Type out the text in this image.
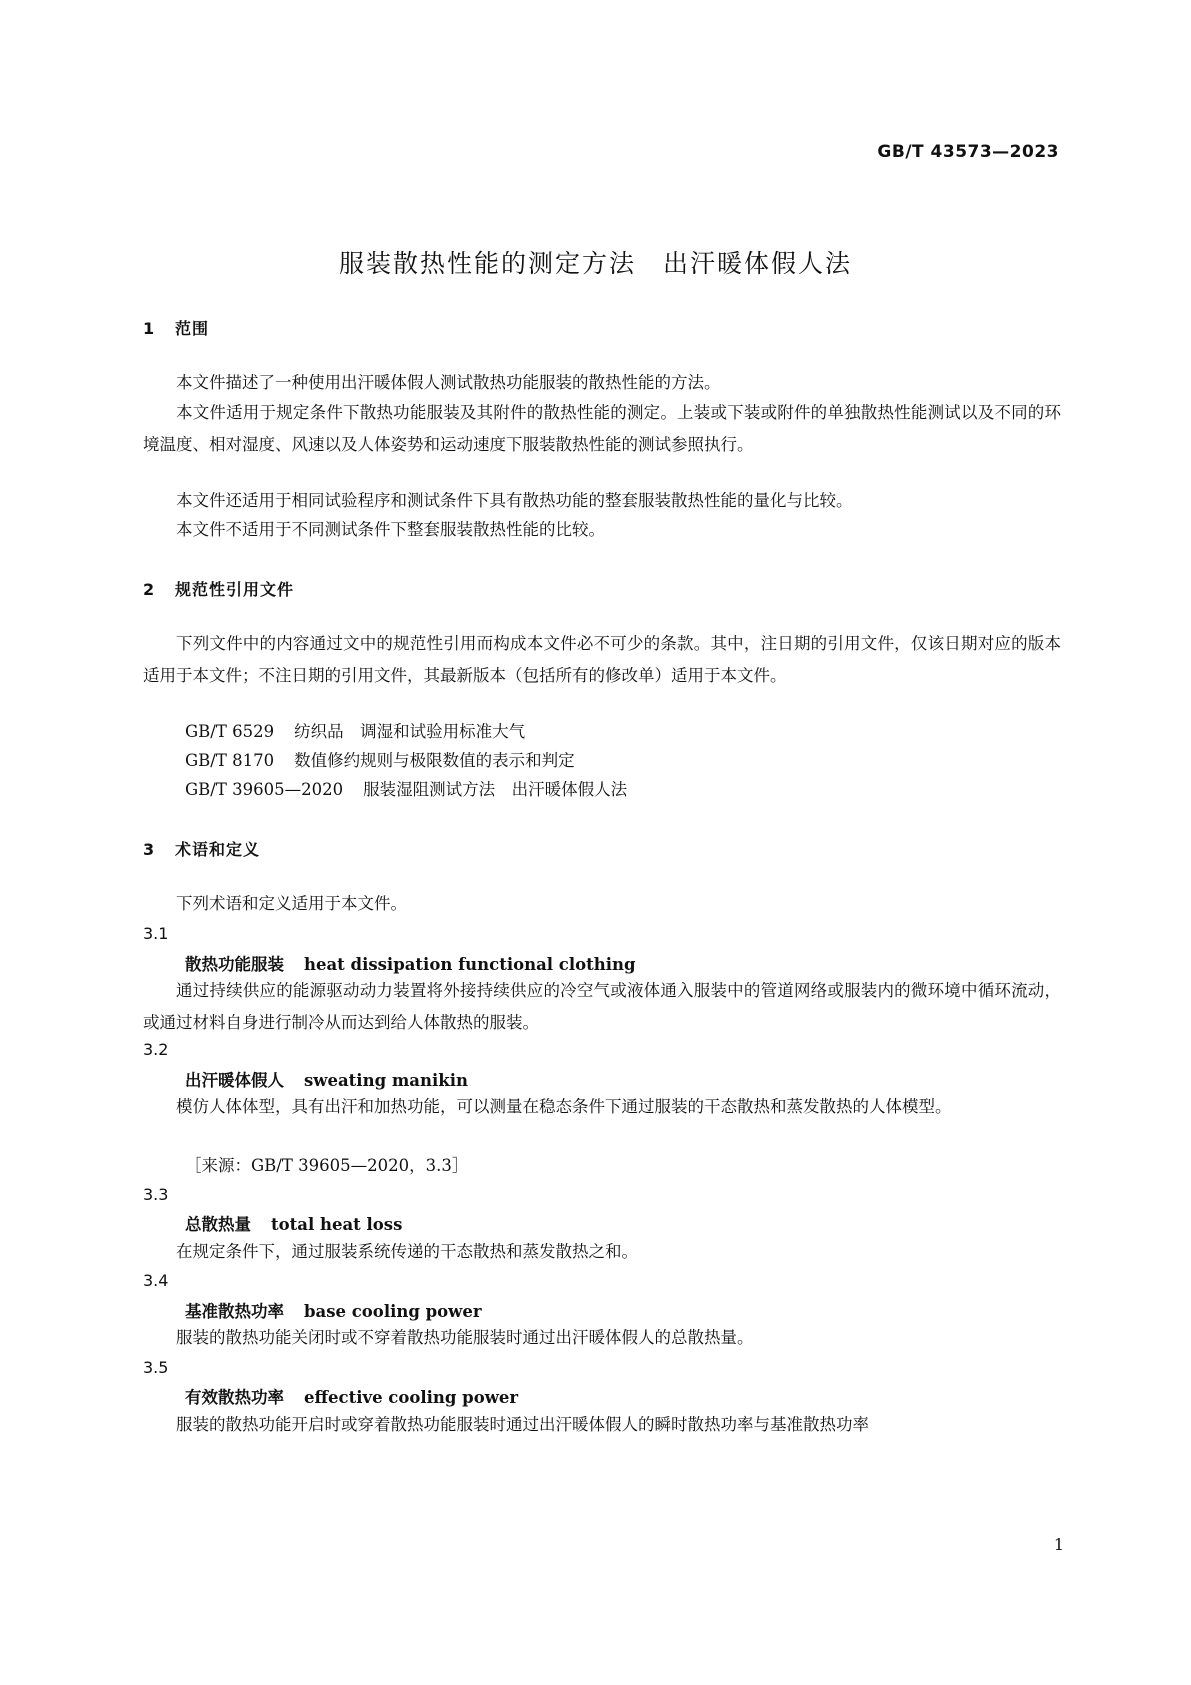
GB/T 43573—2023
服装散热性能的测定方法　出汗暖体假人法
1 范围
本文件描述了一种使用出汗暖体假人测试散热功能服装的散热性能的方法。
本文件适用于规定条件下散热功能服装及其附件的散热性能的测定。上装或下装或附件的单独散热性能测试以及不同的环境温度、相对湿度、风速以及人体姿势和运动速度下服装散热性能的测试参照执行。
本文件还适用于相同试验程序和测试条件下具有散热功能的整套服装散热性能的量化与比较。
本文件不适用于不同测试条件下整套服装散热性能的比较。
2 规范性引用文件
下列文件中的内容通过文中的规范性引用而构成本文件必不可少的条款。其中，注日期的引用文件，仅该日期对应的版本适用于本文件；不注日期的引用文件，其最新版本（包括所有的修改单）适用于本文件。
GB/T 6529 纺织品　调湿和试验用标准大气
GB/T 8170 数值修约规则与极限数值的表示和判定
GB/T 39605—2020 服装湿阻测试方法　出汗暖体假人法
3 术语和定义
下列术语和定义适用于本文件。
3.1
散热功能服装 heat dissipation functional clothing
通过持续供应的能源驱动动力装置将外接持续供应的冷空气或液体通入服装中的管道网络或服装内的微环境中循环流动，或通过材料自身进行制冷从而达到给人体散热的服装。
3.2
出汗暖体假人 sweating manikin
模仿人体体型，具有出汗和加热功能，可以测量在稳态条件下通过服装的干态散热和蒸发散热的人体模型。
［来源：GB/T 39605—2020，3.3］
3.3
总散热量 total heat loss
在规定条件下，通过服装系统传递的干态散热和蒸发散热之和。
3.4
基准散热功率 base cooling power
服装的散热功能关闭时或不穿着散热功能服装时通过出汗暖体假人的总散热量。
3.5
有效散热功率 effective cooling power
服装的散热功能开启时或穿着散热功能服装时通过出汗暖体假人的瞬时散热功率与基准散热功率
1
